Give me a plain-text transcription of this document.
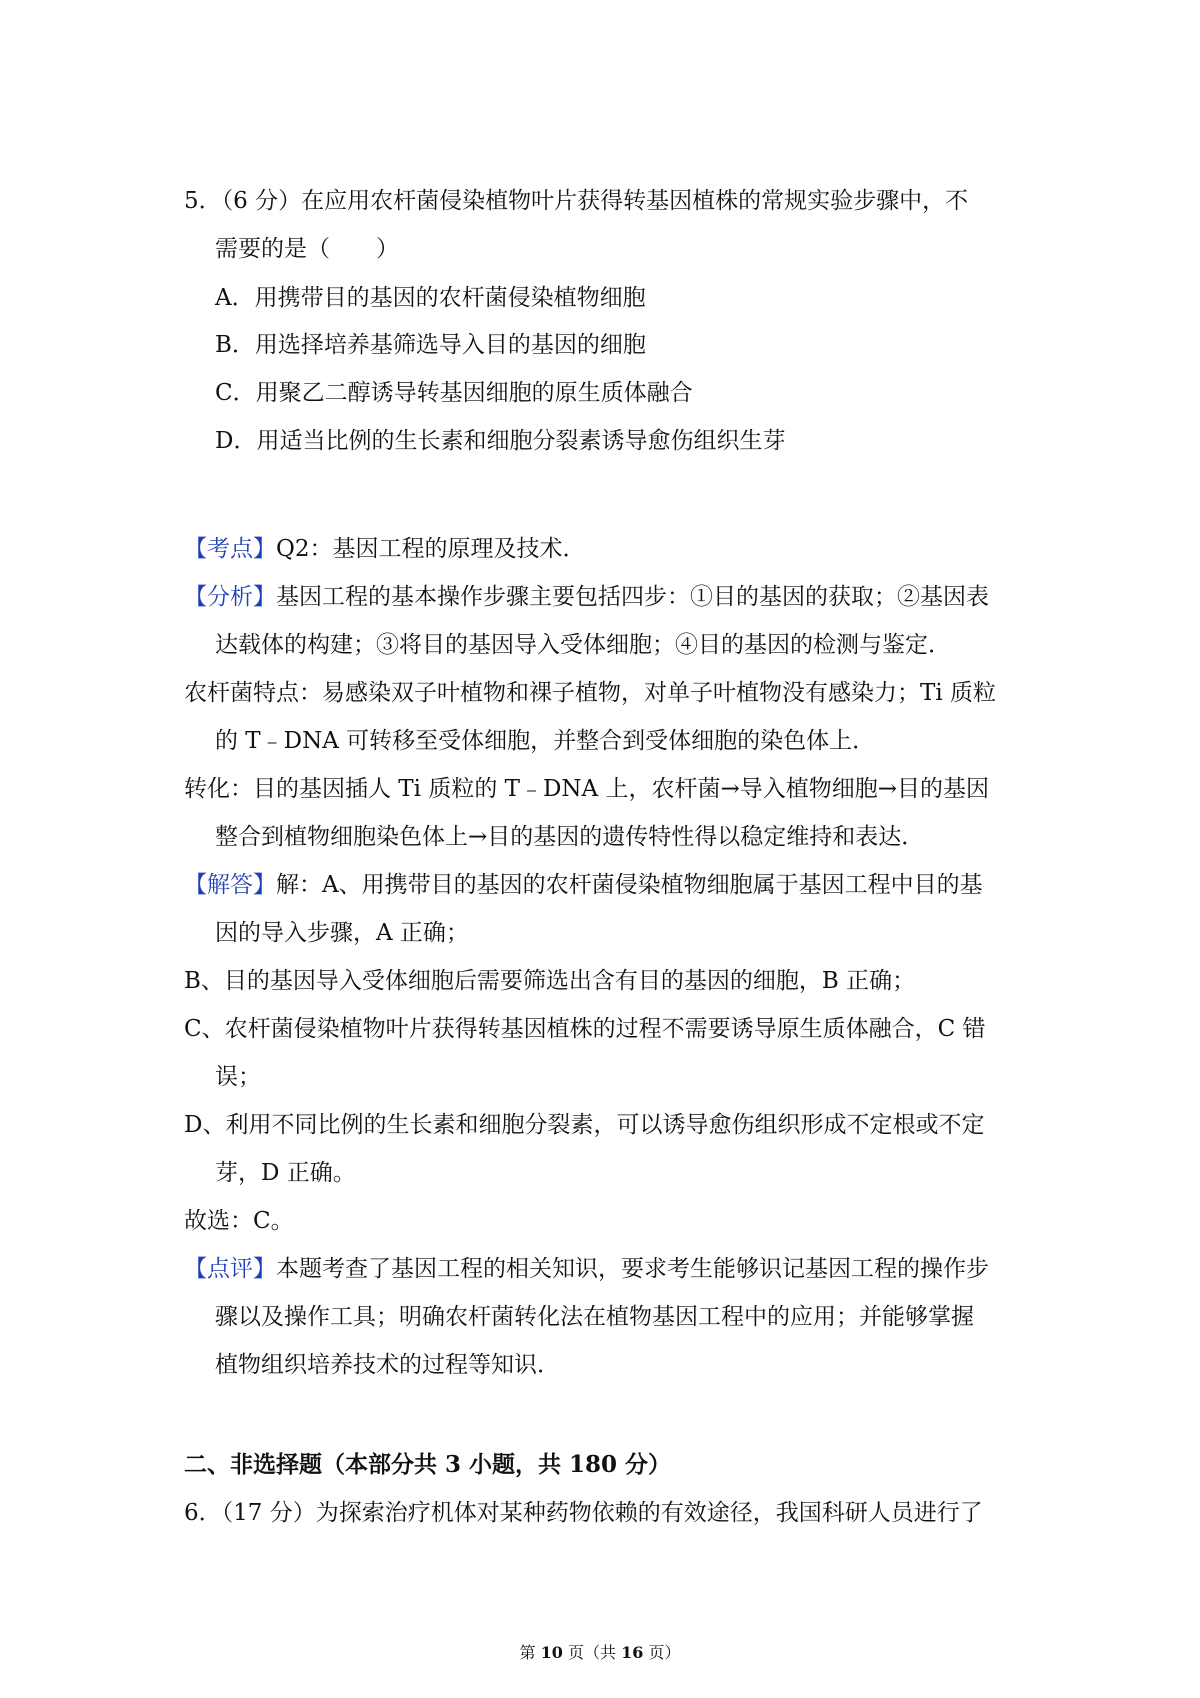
5．（6 分）在应用农杆菌侵染植物叶片获得转基因植株的常规实验步骤中，不
需要的是（　　）
A．用携带目的基因的农杆菌侵染植物细胞
B．用选择培养基筛选导入目的基因的细胞
C．用聚乙二醇诱导转基因细胞的原生质体融合
D．用适当比例的生长素和细胞分裂素诱导愈伤组织生芽
【考点】Q2：基因工程的原理及技术．
【分析】基因工程的基本操作步骤主要包括四步：①目的基因的获取；②基因表
达载体的构建；③将目的基因导入受体细胞；④目的基因的检测与鉴定．
农杆菌特点：易感染双子叶植物和裸子植物，对单子叶植物没有感染力；Ti 质粒
的 T﹣DNA 可转移至受体细胞，并整合到受体细胞的染色体上．
转化：目的基因插人 Ti 质粒的 T﹣DNA 上，农杆菌→导入植物细胞→目的基因
整合到植物细胞染色体上→目的基因的遗传特性得以稳定维持和表达．
【解答】解：A、用携带目的基因的农杆菌侵染植物细胞属于基因工程中目的基
因的导入步骤，A 正确；
B、目的基因导入受体细胞后需要筛选出含有目的基因的细胞，B 正确；
C、农杆菌侵染植物叶片获得转基因植株的过程不需要诱导原生质体融合，C 错
误；
D、利用不同比例的生长素和细胞分裂素，可以诱导愈伤组织形成不定根或不定
芽，D 正确。
故选：C。
【点评】本题考查了基因工程的相关知识，要求考生能够识记基因工程的操作步
骤以及操作工具；明确农杆菌转化法在植物基因工程中的应用；并能够掌握
植物组织培养技术的过程等知识．
二、非选择题（本部分共 3 小题，共 180 分）
6．（17 分）为探索治疗机体对某种药物依赖的有效途径，我国科研人员进行了
第 10 页（共 16 页）
